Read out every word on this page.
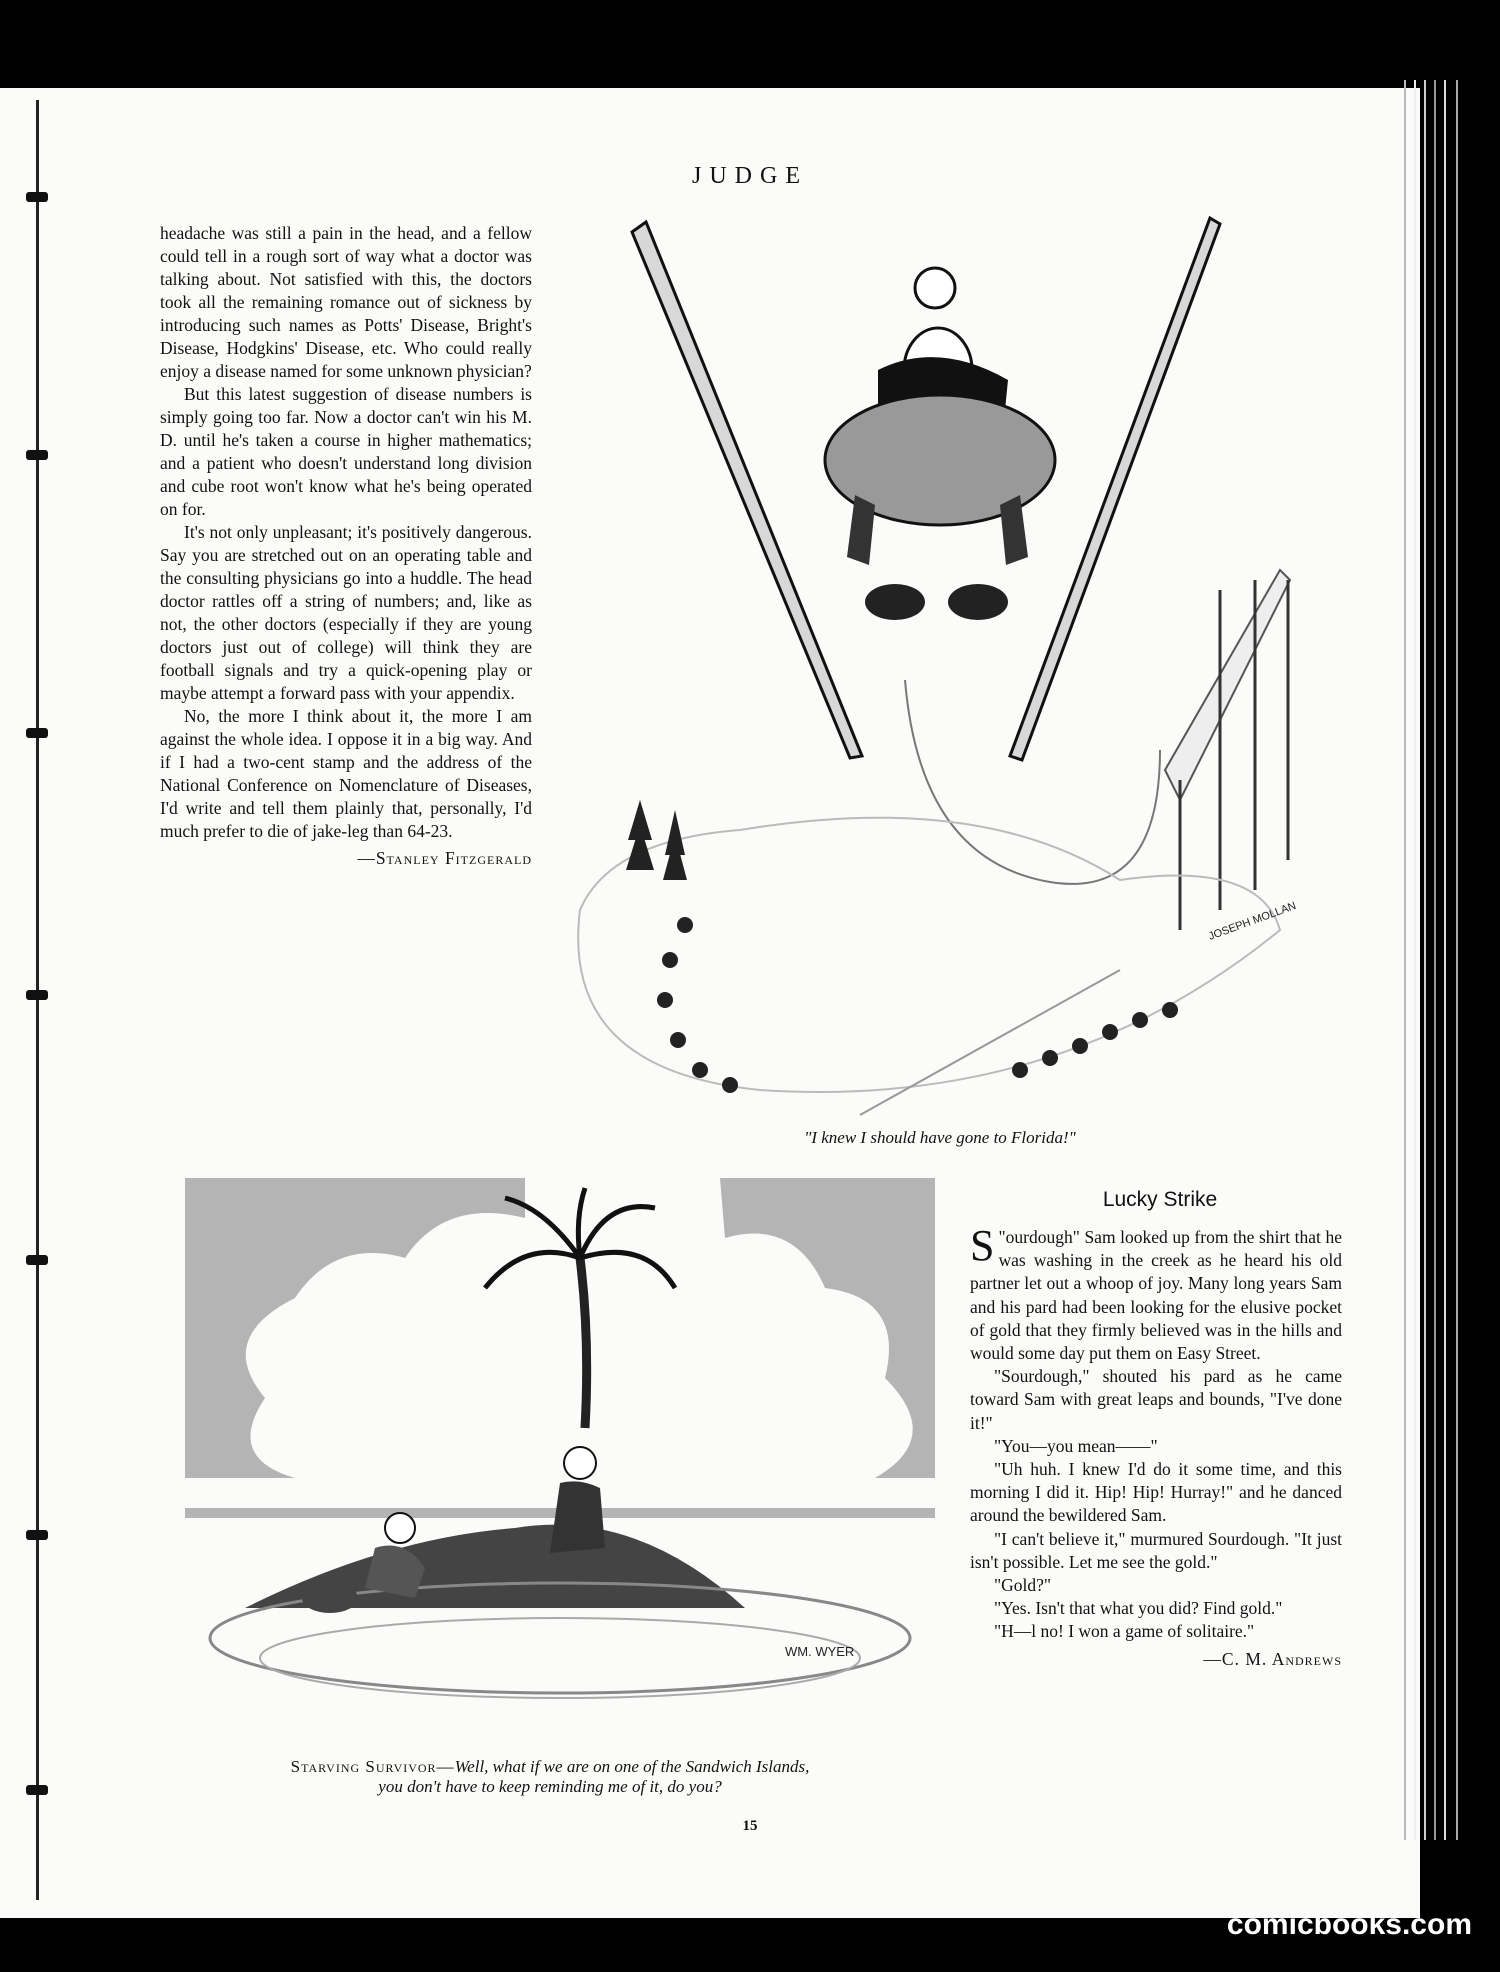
JUDGE

headache was still a pain in the head, and a fellow could tell in a rough sort of way what a doctor was talking about. Not satisfied with this, the doctors took all the remaining romance out of sickness by introducing such names as Potts' Disease, Bright's Disease, Hodgkins' Disease, etc. Who could really enjoy a disease named for some unknown physician?

But this latest suggestion of disease numbers is simply going too far. Now a doctor can't win his M. D. until he's taken a course in higher mathematics; and a patient who doesn't understand long division and cube root won't know what he's being operated on for.

It's not only unpleasant; it's positively dangerous. Say you are stretched out on an operating table and the consulting physicians go into a huddle. The head doctor rattles off a string of numbers; and, like as not, the other doctors (especially if they are young doctors just out of college) will think they are football signals and try a quick-opening play or maybe attempt a forward pass with your appendix.

No, the more I think about it, the more I am against the whole idea. I oppose it in a big way. And if I had a two-cent stamp and the address of the National Conference on Nomenclature of Diseases, I'd write and tell them plainly that, personally, I'd much prefer to die of jake-leg than 64-23.

—Stanley Fitzgerald
JOSEPH MOLLAN
"I knew I should have gone to Florida!"
WM. WYER
Starving Survivor—Well, what if we are on one of the Sandwich Islands,
you don't have to keep reminding me of it, do you?
Lucky Strike

"
S ourdough" Sam looked up from the shirt that he was washing in the creek as he heard his old partner let out a whoop of joy. Many long years Sam and his pard had been looking for the elusive pocket of gold that they firmly believed was in the hills and would some day put them on Easy Street.

"Sourdough," shouted his pard as he came toward Sam with great leaps and bounds, "I've done it!"

"You—you mean——"

"Uh huh. I knew I'd do it some time, and this morning I did it. Hip! Hip! Hurray!" and he danced around the bewildered Sam.

"I can't believe it," murmured Sourdough. "It just isn't possible. Let me see the gold."

"Gold?"

"Yes. Isn't that what you did? Find gold."

"H—l no! I won a game of solitaire."

—C. M. Andrews
15
comicbooks.com
